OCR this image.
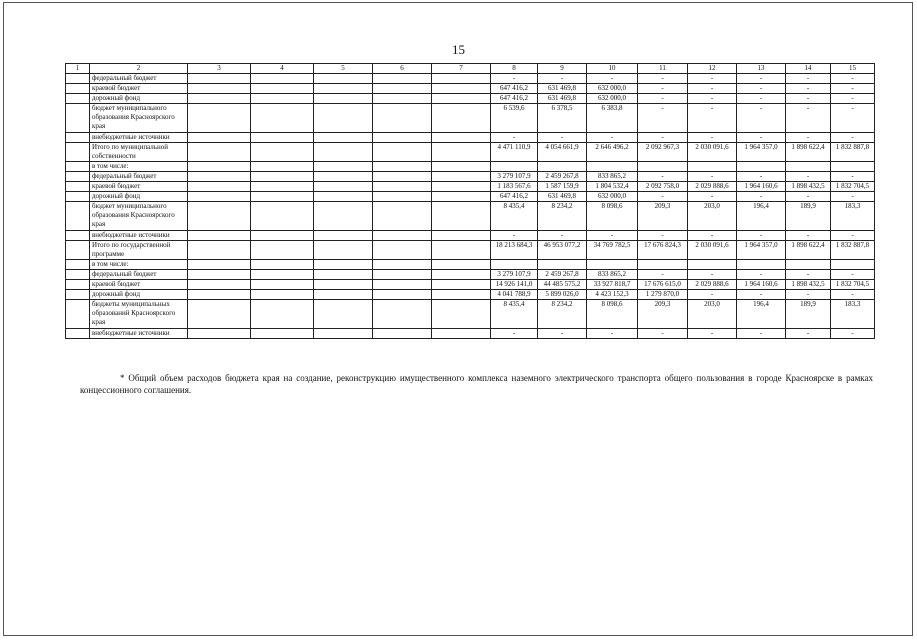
15
1	2	3	4	5	6	7	8	9	10	11	12	13	14	15
	федеральный бюджет						-	-	-	-	-	-	-	-
	краевой бюджет						647 416,2	631 469,8	632 000,0	-	-	-	-	-
	дорожный фонд						647 416,2	631 469,8	632 000,0	-	-	-	-	-
	бюджет муниципального образования Красноярского края						6 539,6	6 378,5	6 383,8	-	-	-	-	-
	внебюджетные источники						-	-	-	-	-	-	-	-
	Итого по муниципальной собственности						4 471 110,9	4 054 661,9	2 646 496,2	2 092 967,3	2 030 091,6	1 964 357,0	1 898 622,4	1 832 887,8
	в том числе:													
	федеральный бюджет						3 279 107,9	2 459 267,8	833 865,2	-	-	-	-	-
	краевой бюджет						1 183 567,6	1 587 159,9	1 804 532,4	2 092 758,0	2 029 888,6	1 964 160,6	1 898 432,5	1 832 704,5
	дорожный фонд						647 416,2	631 469,8	632 000,0	-	-	-	-	-
	бюджет муниципального образования Красноярского края						8 435,4	8 234,2	8 098,6	209,3	203,0	196,4	189,9	183,3
	внебюджетные источники						-	-	-	-	-	-	-	-
	Итого по государственной программе						18 213 684,3	46 953 077,2	34 769 782,5	17 676 824,3	2 030 091,6	1 964 357,0	1 898 622,4	1 832 887,8
	в том числе:													
	федеральный бюджет						3 279 107,9	2 459 267,8	833 865,2	-	-	-	-	-
	краевой бюджет						14 926 141,0	44 485 575,2	33 927 818,7	17 676 615,0	2 029 888,6	1 964 160,6	1 898 432,5	1 832 704,5
	дорожный фонд						4 041 788,9	5 899 026,0	4 423 152,3	1 279 870,0	-	-	-	-
	бюджеты муниципальных образований Красноярского края						8 435,4	8 234,2	8 098,6	209,3	203,0	196,4	189,9	183,3
	внебюджетные источники						-	-	-	-	-	-	-	-
* Общий объем расходов бюджета края на создание, реконструкцию имущественного комплекса наземного электрического транспорта общего пользования в городе Красноярске в рамках концессионного соглашения.
